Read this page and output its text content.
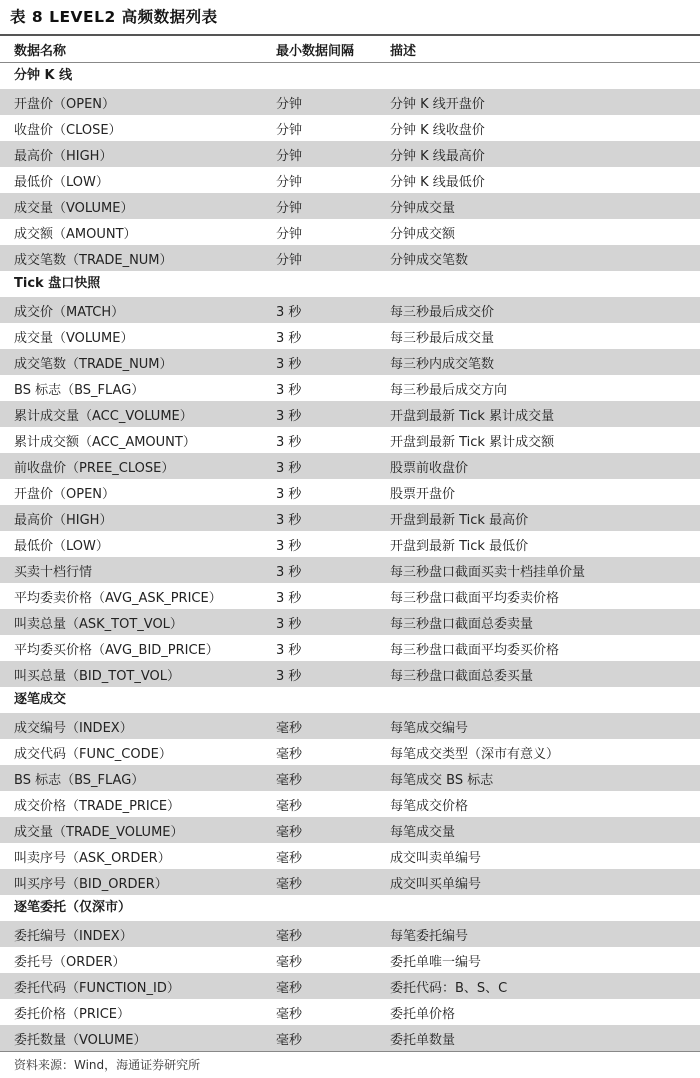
表 8 LEVEL2 高频数据列表
数据名称	最小数据间隔	描述
分钟 K 线
开盘价（OPEN）	分钟	分钟 K 线开盘价
收盘价（CLOSE）	分钟	分钟 K 线收盘价
最高价（HIGH）	分钟	分钟 K 线最高价
最低价（LOW）	分钟	分钟 K 线最低价
成交量（VOLUME）	分钟	分钟成交量
成交额（AMOUNT）	分钟	分钟成交额
成交笔数（TRADE_NUM）	分钟	分钟成交笔数
Tick 盘口快照
成交价（MATCH）	3 秒	每三秒最后成交价
成交量（VOLUME）	3 秒	每三秒最后成交量
成交笔数（TRADE_NUM）	3 秒	每三秒内成交笔数
BS 标志（BS_FLAG）	3 秒	每三秒最后成交方向
累计成交量（ACC_VOLUME）	3 秒	开盘到最新 Tick 累计成交量
累计成交额（ACC_AMOUNT）	3 秒	开盘到最新 Tick 累计成交额
前收盘价（PREE_CLOSE）	3 秒	股票前收盘价
开盘价（OPEN）	3 秒	股票开盘价
最高价（HIGH）	3 秒	开盘到最新 Tick 最高价
最低价（LOW）	3 秒	开盘到最新 Tick 最低价
买卖十档行情	3 秒	每三秒盘口截面买卖十档挂单价量
平均委卖价格（AVG_ASK_PRICE）	3 秒	每三秒盘口截面平均委卖价格
叫卖总量（ASK_TOT_VOL）	3 秒	每三秒盘口截面总委卖量
平均委买价格（AVG_BID_PRICE）	3 秒	每三秒盘口截面平均委买价格
叫买总量（BID_TOT_VOL）	3 秒	每三秒盘口截面总委买量
逐笔成交
成交编号（INDEX）	毫秒	每笔成交编号
成交代码（FUNC_CODE）	毫秒	每笔成交类型（深市有意义）
BS 标志（BS_FLAG）	毫秒	每笔成交 BS 标志
成交价格（TRADE_PRICE）	毫秒	每笔成交价格
成交量（TRADE_VOLUME）	毫秒	每笔成交量
叫卖序号（ASK_ORDER）	毫秒	成交叫卖单编号
叫买序号（BID_ORDER）	毫秒	成交叫买单编号
逐笔委托（仅深市）
委托编号（INDEX）	毫秒	每笔委托编号
委托号（ORDER）	毫秒	委托单唯一编号
委托代码（FUNCTION_ID）	毫秒	委托代码：B、S、C
委托价格（PRICE）	毫秒	委托单价格
委托数量（VOLUME）	毫秒	委托单数量
资料来源：Wind，海通证券研究所
